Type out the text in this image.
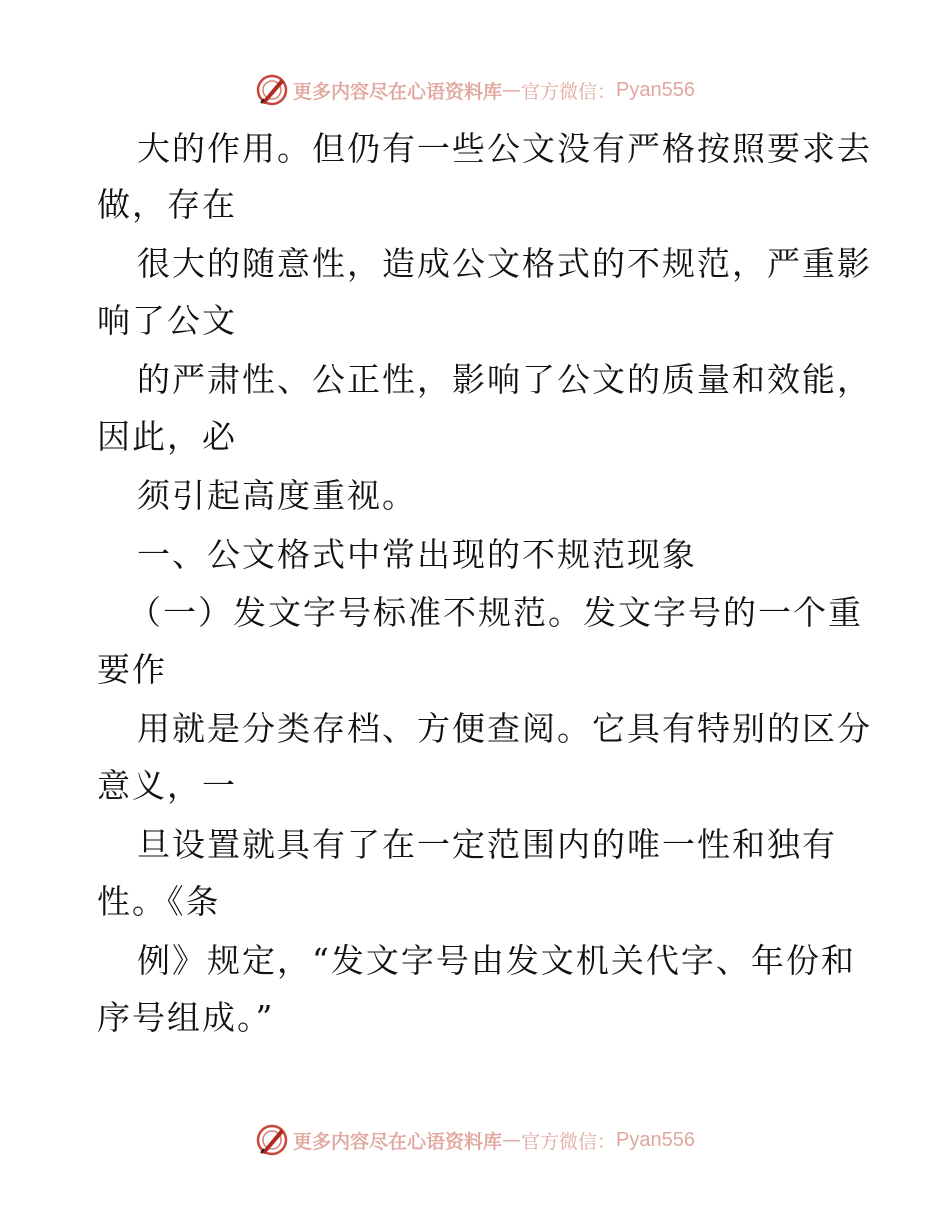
更多内容尽在心语资料库 — 官方微信： Pyan556
大的作用。但仍有一些公文没有严格按照要求去
做，存在
很大的随意性，造成公文格式的不规范，严重影
响了公文
的严肃性、公正性，影响了公文的质量和效能，
因此，必
须引起高度重视。
一、公文格式中常出现的不规范现象
（一）发文字号标准不规范。发文字号的一个重
要作
用就是分类存档、方便查阅。它具有特别的区分
意义，一
旦设置就具有了在一定范围内的唯一性和独有
性。《条
例》规定，“发文字号由发文机关代字、年份和
序号组成。”
更多内容尽在心语资料库 — 官方微信： Pyan556
